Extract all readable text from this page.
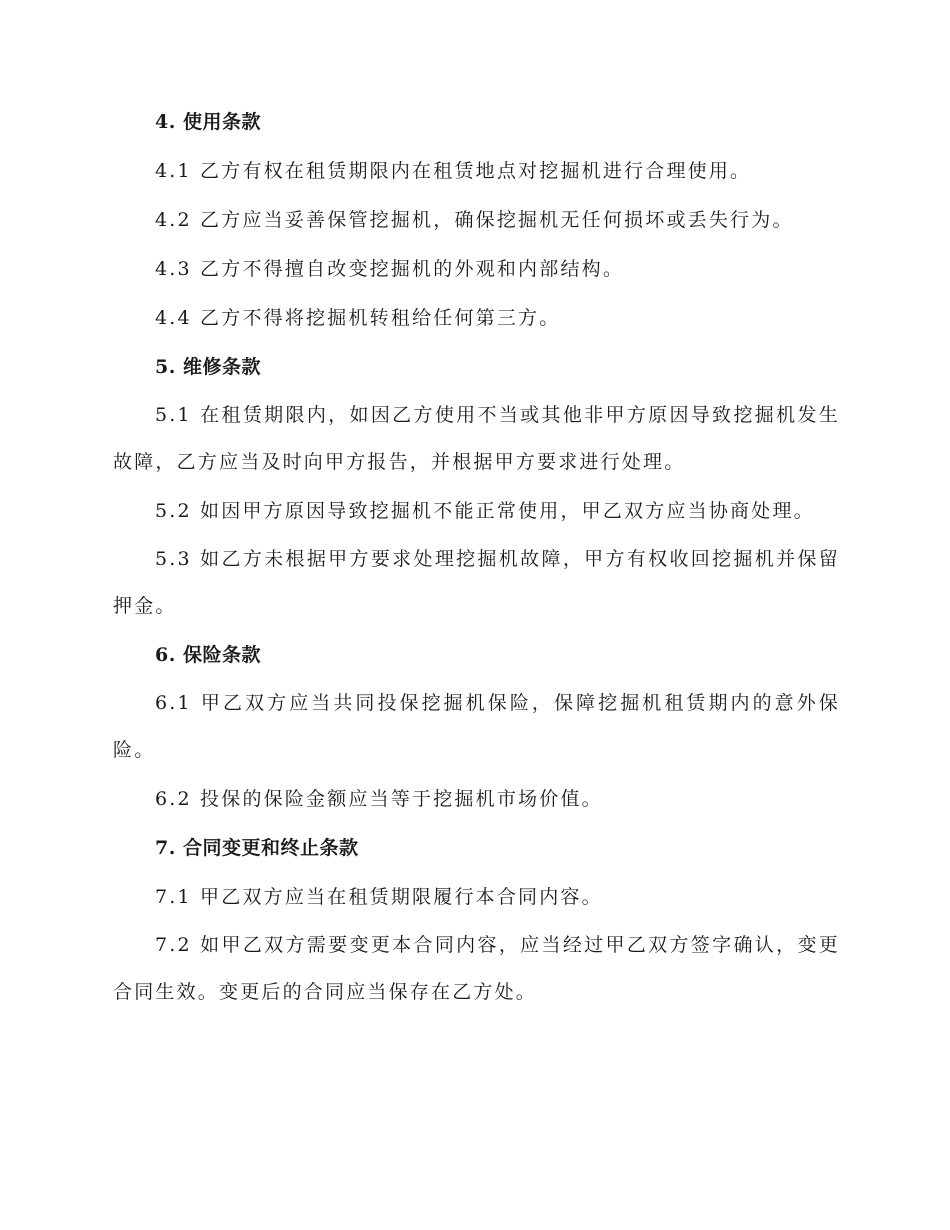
4. 使用条款

4.1 乙方有权在租赁期限内在租赁地点对挖掘机进行合理使用。

4.2 乙方应当妥善保管挖掘机，确保挖掘机无任何损坏或丢失行为。

4.3 乙方不得擅自改变挖掘机的外观和内部结构。

4.4 乙方不得将挖掘机转租给任何第三方。

5. 维修条款

5.1 在租赁期限内，如因乙方使用不当或其他非甲方原因导致挖掘机发生故障，乙方应当及时向甲方报告，并根据甲方要求进行处理。

5.2 如因甲方原因导致挖掘机不能正常使用，甲乙双方应当协商处理。

5.3 如乙方未根据甲方要求处理挖掘机故障，甲方有权收回挖掘机并保留押金。

6. 保险条款

6.1 甲乙双方应当共同投保挖掘机保险，保障挖掘机租赁期内的意外保险。

6.2 投保的保险金额应当等于挖掘机市场价值。

7. 合同变更和终止条款

7.1 甲乙双方应当在租赁期限履行本合同内容。

7.2 如甲乙双方需要变更本合同内容，应当经过甲乙双方签字确认，变更合同生效。变更后的合同应当保存在乙方处。
